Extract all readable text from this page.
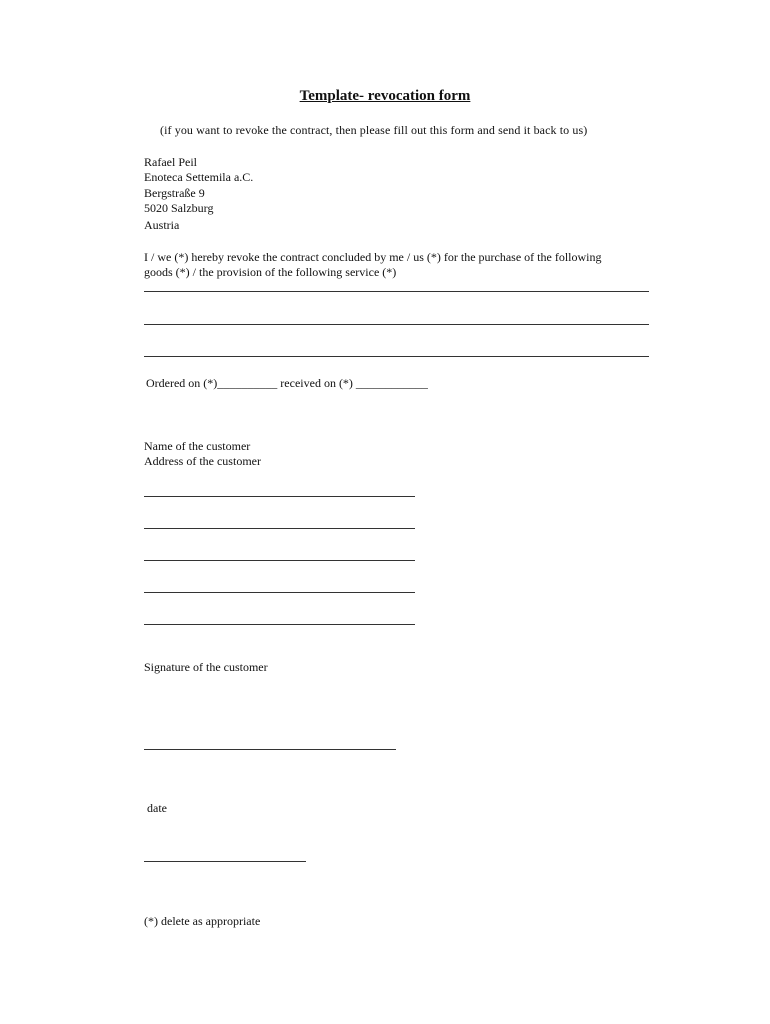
Template- revocation form
(if you want to revoke the contract, then please fill out this form and send it back to us)
Rafael Peil
Enoteca Settemila a.C.
Bergstraße 9
5020 Salzburg
Austria
I / we (*) hereby revoke the contract concluded by me / us (*) for the purchase of the following
goods (*) / the provision of the following service (*)
Ordered on (*)__________ received on (*) ____________
Name of the customer
Address of the customer
Signature of the customer
date
(*) delete as appropriate
